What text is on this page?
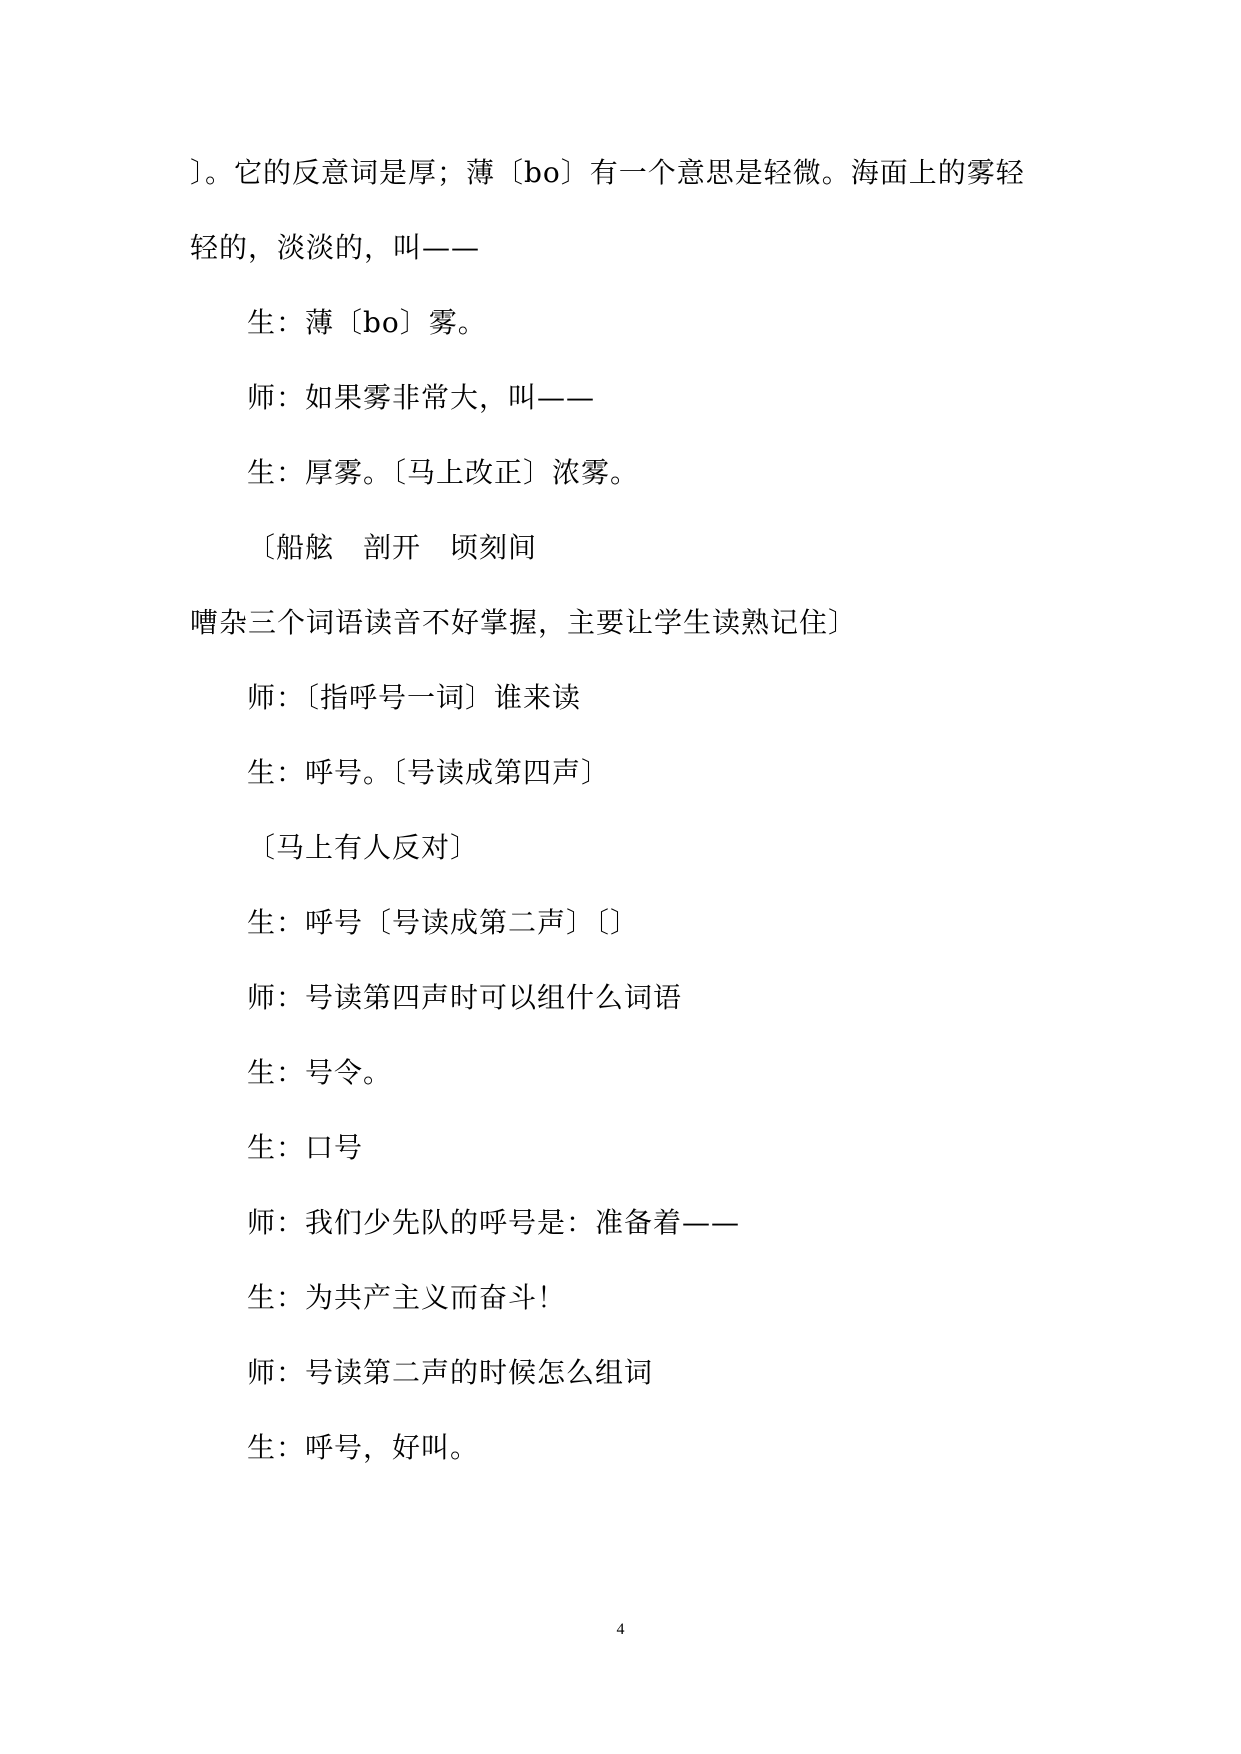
〕。它的反意词是厚；薄〔bo〕有一个意思是轻微。海面上的雾轻
轻的，淡淡的，叫——
生：薄〔bo〕雾。
师：如果雾非常大，叫——
生：厚雾。〔马上改正〕浓雾。
〔船舷　剖开　顷刻间
嘈杂三个词语读音不好掌握，主要让学生读熟记住〕
师：〔指呼号一词〕谁来读
生：呼号。〔号读成第四声〕
〔马上有人反对〕
生：呼号〔号读成第二声〕〔〕
师：号读第四声时可以组什么词语
生：号令。
生：口号
师：我们少先队的呼号是：准备着——
生：为共产主义而奋斗！
师：号读第二声的时候怎么组词
生：呼号，好叫。
4
